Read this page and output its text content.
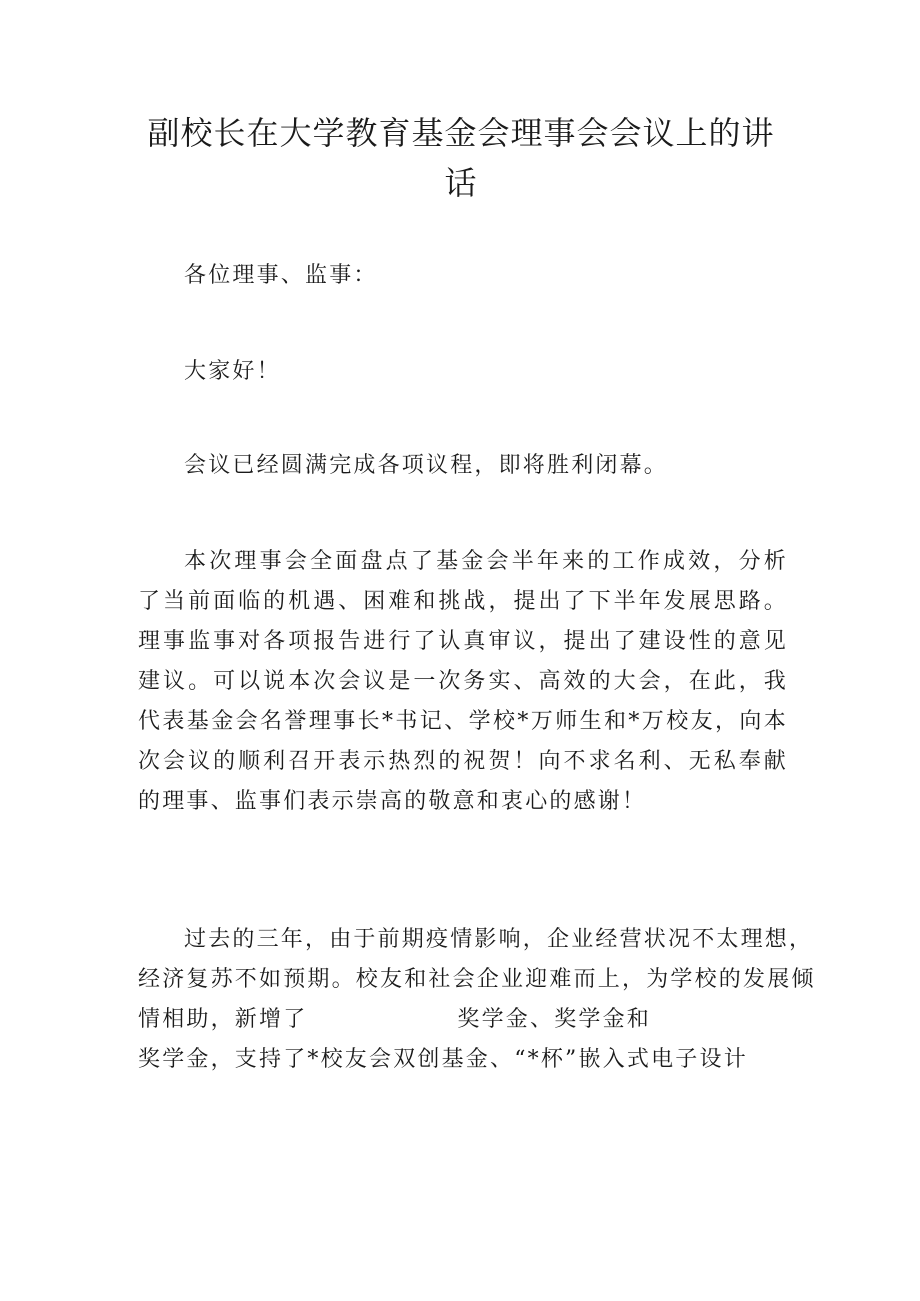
副校长在大学教育基金会理事会会议上的讲话

各位理事、监事：

大家好！

会议已经圆满完成各项议程，即将胜利闭幕。

本次理事会全面盘点了基金会半年来的工作成效，分析了当前面临的机遇、困难和挑战，提出了下半年发展思路。理事监事对各项报告进行了认真审议，提出了建设性的意见建议。可以说本次会议是一次务实、高效的大会，在此，我代表基金会名誉理事长*书记、学校*万师生和*万校友，向本次会议的顺利召开表示热烈的祝贺！向不求名利、无私奉献的理事、监事们表示崇高的敬意和衷心的感谢！

过去的三年，由于前期疫情影响，企业经营状况不太理想，
经济复苏不如预期。校友和社会企业迎难而上，为学校的发展倾
情相助，新增了	奖学金、奖学金和
奖学金，支持了*校友会双创基金、“*杯”嵌入式电子设计
